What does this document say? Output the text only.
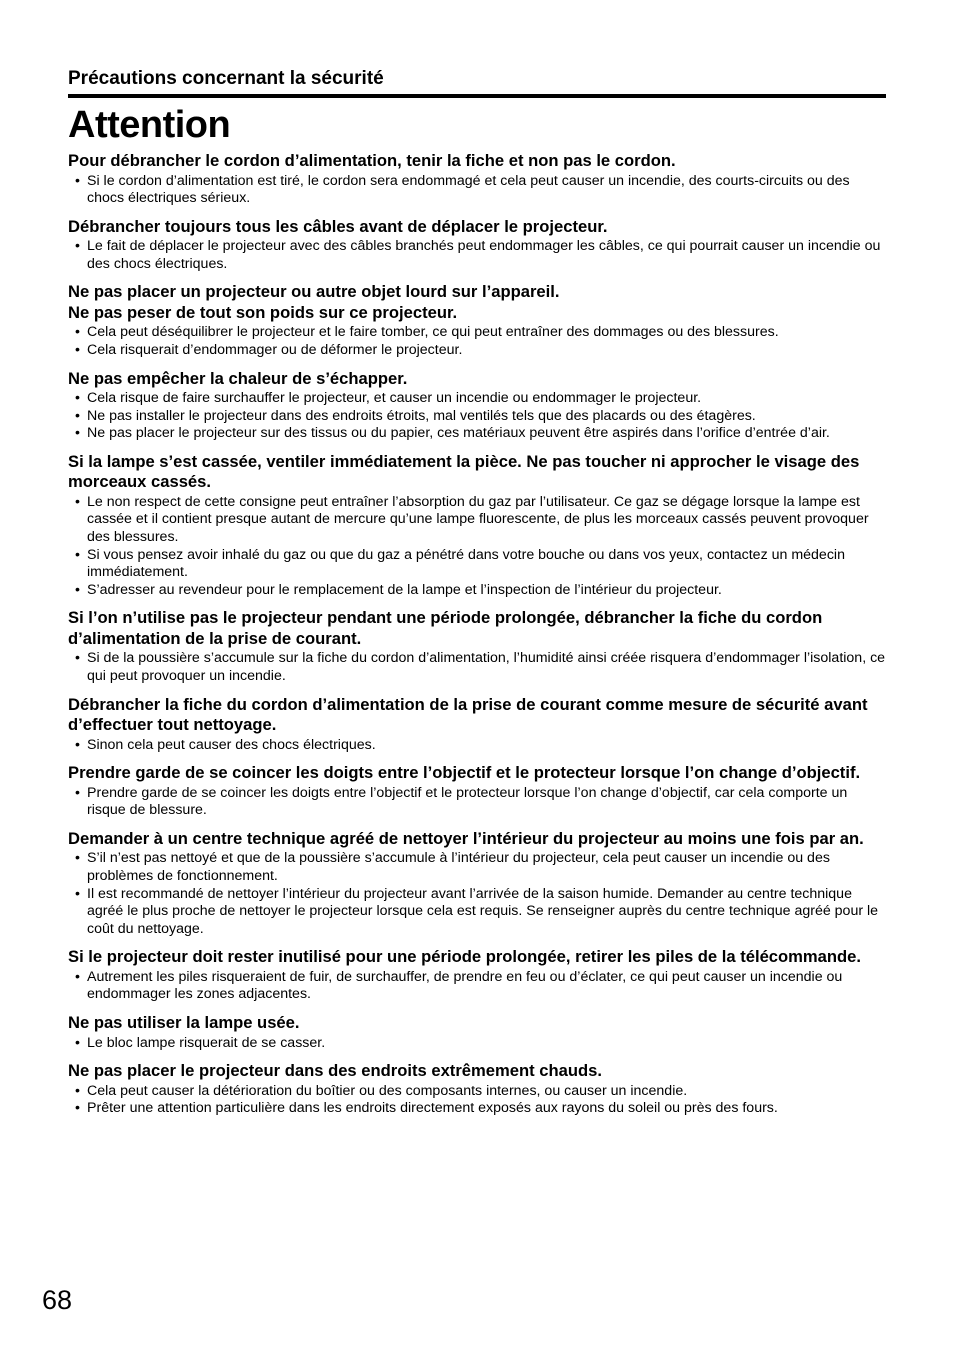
Précautions concernant la sécurité
Attention
Pour débrancher le cordon d’alimentation, tenir la fiche et non pas le cordon.
• Si le cordon d’alimentation est tiré, le cordon sera endommagé et cela peut causer un incendie, des courts-circuits ou des chocs électriques sérieux.
Débrancher toujours tous les câbles avant de déplacer le projecteur.
• Le fait de déplacer le projecteur avec des câbles branchés peut endommager les câbles, ce qui pourrait causer un incendie ou des chocs électriques.
Ne pas placer un projecteur ou autre objet lourd sur l’appareil.
Ne pas peser de tout son poids sur ce projecteur.
• Cela peut déséquilibrer le projecteur et le faire tomber, ce qui peut entraîner des dommages ou des blessures.
• Cela risquerait d’endommager ou de déformer le projecteur.
Ne pas empêcher la chaleur de s’échapper.
• Cela risque de faire surchauffer le projecteur, et causer un incendie ou endommager le projecteur.
• Ne pas installer le projecteur dans des endroits étroits, mal ventilés tels que des placards ou des étagères.
• Ne pas placer le projecteur sur des tissus ou du papier, ces matériaux peuvent être aspirés dans l’orifice d’entrée d’air.
Si la lampe s’est cassée, ventiler immédiatement la pièce. Ne pas toucher ni approcher le visage des morceaux cassés.
• Le non respect de cette consigne peut entraîner l’absorption du gaz par l’utilisateur. Ce gaz se dégage lorsque la lampe est cassée et il contient presque autant de mercure qu’une lampe fluorescente, de plus les morceaux cassés peuvent provoquer des blessures.
• Si vous pensez avoir inhalé du gaz ou que du gaz a pénétré dans votre bouche ou dans vos yeux, contactez un médecin immédiatement.
• S’adresser au revendeur pour le remplacement de la lampe et l’inspection de l’intérieur du projecteur.
Si l’on n’utilise pas le projecteur pendant une période prolongée, débrancher la fiche du cordon d’alimentation de la prise de courant.
• Si de la poussière s’accumule sur la fiche du cordon d’alimentation, l’humidité ainsi créée risquera d’endommager l’isolation, ce qui peut provoquer un incendie.
Débrancher la fiche du cordon d’alimentation de la prise de courant comme mesure de sécurité avant d’effectuer tout nettoyage.
• Sinon cela peut causer des chocs électriques.
Prendre garde de se coincer les doigts entre l’objectif et le protecteur lorsque l’on change d’objectif.
• Prendre garde de se coincer les doigts entre l’objectif et le protecteur lorsque l’on change d’objectif, car cela comporte un risque de blessure.
Demander à un centre technique agréé de nettoyer l’intérieur du projecteur au moins une fois par an.
• S’il n’est pas nettoyé et que de la poussière s’accumule à l’intérieur du projecteur, cela peut causer un incendie ou des problèmes de fonctionnement.
• Il est recommandé de nettoyer l’intérieur du projecteur avant l’arrivée de la saison humide. Demander au centre technique agréé le plus proche de nettoyer le projecteur lorsque cela est requis. Se renseigner auprès du centre technique agréé pour le coût du nettoyage.
Si le projecteur doit rester inutilisé pour une période prolongée, retirer les piles de la télécommande.
• Autrement les piles risqueraient de fuir, de surchauffer, de prendre en feu ou d’éclater, ce qui peut causer un incendie ou endommager les zones adjacentes.
Ne pas utiliser la lampe usée.
• Le bloc lampe risquerait de se casser.
Ne pas placer le projecteur dans des endroits extrêmement chauds.
• Cela peut causer la détérioration du boîtier ou des composants internes, ou causer un incendie.
• Prêter une attention particulière dans les endroits directement exposés aux rayons du soleil ou près des fours.
68
